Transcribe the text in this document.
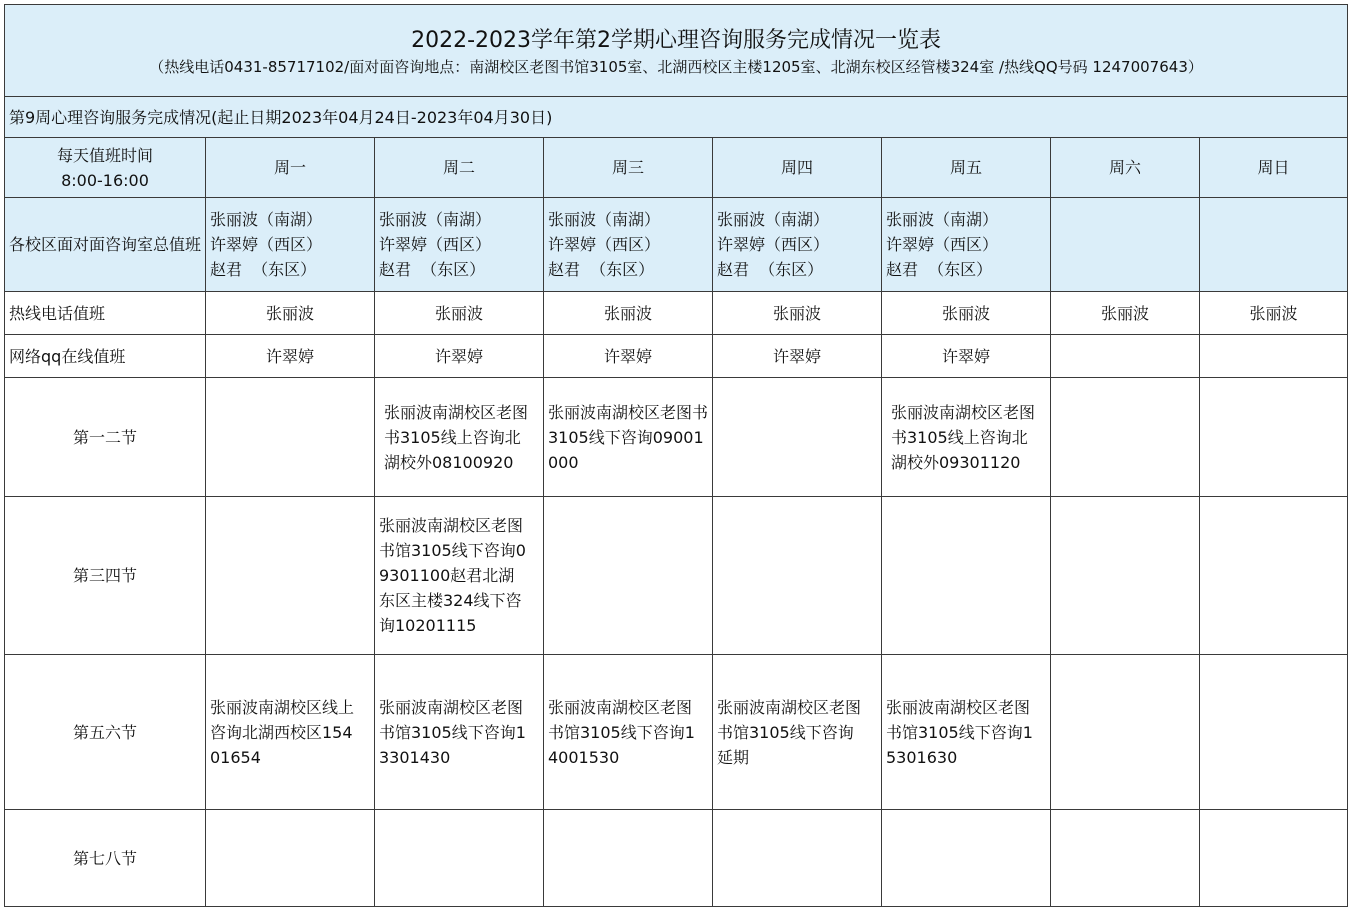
2022-2023学年第2学期心理咨询服务完成情况一览表
（热线电话0431-85717102/面对面咨询地点：南湖校区老图书馆3105室、北湖西校区主楼1205室、北湖东校区经管楼324室 /热线QQ号码 1247007643）							

第9周心理咨询服务完成情况(起止日期2023年04月24日-2023年04月30日)							

每天值班时间
8:00-16:00	周一	周二	周三	周四	周五	周六	周日

各校区面对面咨询室总值班	张丽波（南湖）
许翠婷（西区）
赵君  （东区）	张丽波（南湖）
许翠婷（西区）
赵君  （东区）	张丽波（南湖）
许翠婷（西区）
赵君  （东区）	张丽波（南湖）
许翠婷（西区）
赵君  （东区）	张丽波（南湖）
许翠婷（西区）
赵君  （东区）		

热线电话值班	张丽波	张丽波	张丽波	张丽波	张丽波	张丽波	张丽波
网络qq在线值班	许翠婷	许翠婷	许翠婷	许翠婷	许翠婷		
第一二节		张丽波南湖校区老图书3105线上咨询北湖校外08100920	张丽波南湖校区老图书3105线下咨询09001000		张丽波南湖校区老图书3105线上咨询北湖校外09301120		

第三四节		张丽波南湖校区老图书馆3105线下咨询09301100赵君北湖东区主楼324线下咨询10201115					

第五六节	张丽波南湖校区线上咨询北湖西校区15401654	张丽波南湖校区老图书馆3105线下咨询13301430	张丽波南湖校区老图书馆3105线下咨询14001530	张丽波南湖校区老图书馆3105线下咨询延期	张丽波南湖校区老图书馆3105线下咨询15301630		

第七八节	
